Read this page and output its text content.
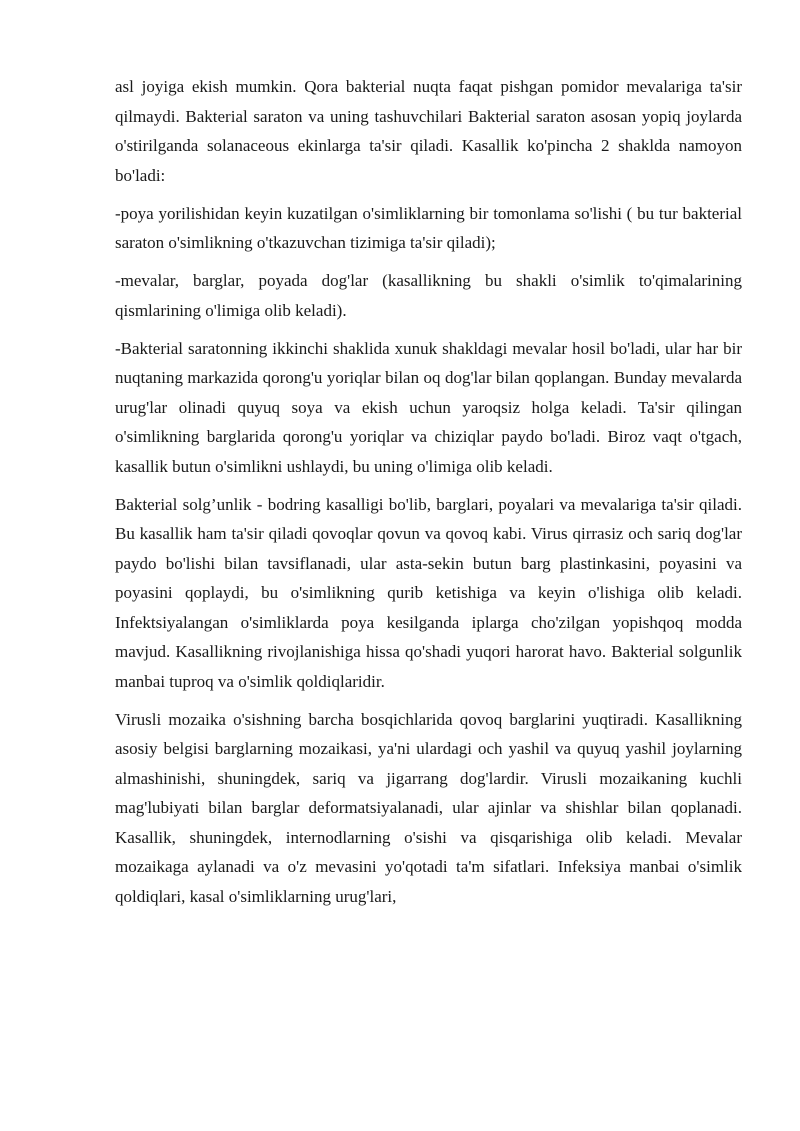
asl joyiga ekish mumkin. Qora bakterial nuqta faqat pishgan pomidor mevalariga ta'sir qilmaydi. Bakterial saraton va uning tashuvchilari Bakterial saraton asosan yopiq joylarda o'stirilganda solanaceous ekinlarga ta'sir qiladi. Kasallik ko'pincha 2 shaklda namoyon bo'ladi:

-poya yorilishidan keyin kuzatilgan o'simliklarning bir tomonlama so'lishi ( bu tur bakterial saraton o'simlikning o'tkazuvchan tizimiga ta'sir qiladi);

-mevalar, barglar, poyada dog'lar (kasallikning bu shakli o'simlik to'qimalarining qismlarining o'limiga olib keladi).

-Bakterial saratonning ikkinchi shaklida xunuk shakldagi mevalar hosil bo'ladi, ular har bir nuqtaning markazida qorong'u yoriqlar bilan oq dog'lar bilan qoplangan. Bunday mevalarda urug'lar olinadi quyuq soya va ekish uchun yaroqsiz holga keladi. Ta'sir qilingan o'simlikning barglarida qorong'u yoriqlar va chiziqlar paydo bo'ladi. Biroz vaqt o'tgach, kasallik butun o'simlikni ushlaydi, bu uning o'limiga olib keladi.

Bakterial solg’unlik - bodring kasalligi bo'lib, barglari, poyalari va mevalariga ta'sir qiladi. Bu kasallik ham ta'sir qiladi qovoqlar qovun va qovoq kabi. Virus qirrasiz och sariq dog'lar paydo bo'lishi bilan tavsiflanadi, ular asta-sekin butun barg plastinkasini, poyasini va poyasini qoplaydi, bu o'simlikning qurib ketishiga va keyin o'lishiga olib keladi. Infektsiyalangan o'simliklarda poya kesilganda iplarga cho'zilgan yopishqoq modda mavjud. Kasallikning rivojlanishiga hissa qo'shadi yuqori harorat havo. Bakterial solgunlik manbai tuproq va o'simlik qoldiqlaridir.

Virusli mozaika o'sishning barcha bosqichlarida qovoq barglarini yuqtiradi. Kasallikning asosiy belgisi barglarning mozaikasi, ya'ni ulardagi och yashil va quyuq yashil joylarning almashinishi, shuningdek, sariq va jigarrang dog'lardir. Virusli mozaikaning kuchli mag'lubiyati bilan barglar deformatsiyalanadi, ular ajinlar va shishlar bilan qoplanadi. Kasallik, shuningdek, internodlarning o'sishi va qisqarishiga olib keladi. Mevalar mozaikaga aylanadi va o'z mevasini yo'qotadi ta'm sifatlari. Infeksiya manbai o'simlik qoldiqlari, kasal o'simliklarning urug'lari,
